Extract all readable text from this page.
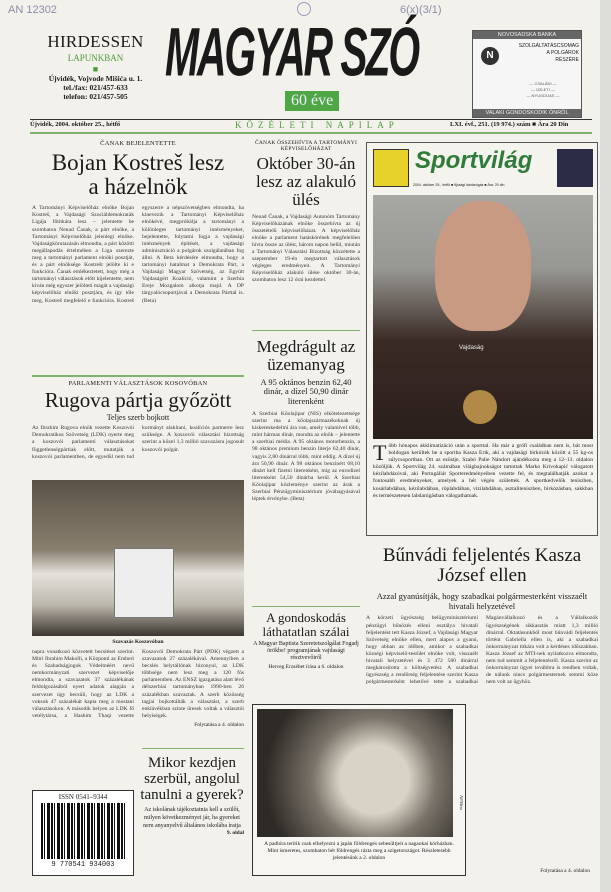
AN 12302	6(x)(3/1)
HIRDESSEN
LAPUNKBAN
■
Újvidék, Vojvode Mišića u. 1.
tel./fax: 021/457-633
telefon: 021/457-505
MAGYAR SZÓ
60 éve
NOVOSADSKA BANKA
N
SZOLGÁLTATÁSCSOMAG
A POLGÁROK
RÉSZÉRE
— CSALÁDI —
— ÜZLETI —
— NYUGDÍJAS —
VALAKI GONDOSKODIK ÖNRŐL
Újvidék, 2004. október 25., hétfő	KÖZÉLETI NAPILAP	LXI. évf., 251. (19 974.) szám ■ Ára 20 Din
ČANAK BEJELENTETTE
Bojan Kostreš lesz a házelnök
A Tartományi Képviselőház elnöke Bojan Kostreš, a Vajdasági Szociáldemokraták Ligája főtitkára lesz – jelentette be szombaton Nenad Čanak, a párt elnöke, a Tartományi Képviselőház jelenlegi elnöke. Vajdaságkörutazásán elmondta, a párt közötti megállapodás értelmében a Liga szerezte meg a tartományi parlament elnöki posztját, és a párt elnöksége Kostrešt jelölte ki e funkcióra. Čanak emlékeztetett, hogy még a tartományi választások előtt kijelentette, nem kíván még egyszer jelölteti magát a vajdasági képviselőház elnöki posztjára, és így tőle meg, Kostreš megfelelő e funkcióra. Kostreš egyszerre a népszövetségben elmondta, ha kinevezik a Tartományi Képviselőház elnökévé, megpróbálja a tartományi a különleges tartományi intézményeket, bejelentette, folytatni fogja a vajdasági intézmények építését, a vajdasági adminisztráció a polgárok szolgálatában fog állni. A Beta kérdésére elmondta, hogy a tartományi hatalmat a Demokrata Párt, a Vajdasági Magyar Szövetség, az Együtt Vajdaságért Koalíció, valamint a Szerbia Ereje Mozgalom alkotja majd. A DP tárgyalócsoportjával a Demokrata Párttal is. (Beta)
PARLAMENTI VÁLASZTÁSOK KOSOVÓBAN
Rugova pártja győzött
Teljes szerb bojkott
Az Ibrahim Rugova elnök vezette Koszovói Demokratikus Szövetség (LDK) nyerte meg a koszovói parlamenti választásokat függetlenségpártiak előtt, mutatják a koszovói parlamentben, de egyedül nem tud kormányt alakítani, koalíciós partnerre lesz szüksége. A koszovói választási bizottság szerint a közel 1,3 millió szavazásra jogosult koszovói polgár.
Szavazás Koszovóban
napra vonatkozó közvetett becslései szerint. Mitri Ibrahim Makolli, a Központi az Emberi és Szabadságjogok Védelméért nevű nemkormányzati szervezet képviselője elmondta, a szavazatok 37 százalékának feldolgozásából nyert adatok alapján a szervezet úgy becsüli, hogy az LDK a voksok 47 százalékát kapta meg a mostani választásokon. A második helyen az LDK fő vetélytársa, a Hashim Thaqi vezette Koszovói Demokrata Párt (PDK) végzett a szavazatok 27 százalékával. Amennyiben a becslés helytállónak bizonyul, az LDK többsége nem lesz meg a 120 fős parlamentben. Az ENSZ igazgatása alatt lévő délszerbiai tartományban 1990-ben 26 százalékban szavaztak. A szerb közösség tagjai bojkottálták a választást, a szerb enklávékban szinte üresek voltak a választói helyiségek.
Folytatása a 4. oldalon
ISSN 0541–9344
9 770541 934003
Mikor kezdjen szerbül, angolul tanulni a gyerek?
Az iskolának tájékoztatnia kell a szülőt, milyen következményei jár, ha gyereket nem anyanyelvű általános iskolába íratja
9. oldal
ČANAK ÖSSZEHÍVTA A TARTOMÁNYI KÉPVISELŐHÁZAT
Október 30-án lesz az alakuló ülés
Nenad Čanak, a Vajdasági Autonóm Tartomány Képviselőházának elnöke összehívta az új összetételű képviselőházat. A képviselőház elnöke a parlament hatáskörének megfelelően hívta össze az ülést, három napon belül, miután a Tartományi Választási Bizottság közzétette a szeptember 19-én megtartott választások végleges eredményeit. A Tartományi Képviselőház alakuló ülése október 30-án, szombaton lesz 12 órai kezdettel.
Megdrágult az üzemanyag
A 95 oktános benzin 62,40 dinár, a dízel 50,90 dinár literenként
A Szerbiai Kőolajipar (NIS) elkötelezettsége szerint ma a kőolajszármazékoknak új kiskereskedelmi ára van, amely valamivel több, mint hármas dinár, mondta az elnök – jelentette a szerbiai média. A 95 oktános motorbenzin, a 98 oktános premium benzin literje 62,40 dinár, vagyis 2,80 dinárral több, mint eddig. A dízel új ára 50,90 dinár. A 98 oktános benzinért 68,10 dinárt kell fizetni literenként, míg az eurodízel literenként 54,50 dinárba kerül. A Szerbiai Kőolajipar közleménye szerint az árak a Szerbiai Pénzügyminisztérium jóváhagyásával léptek érvénybe. (Beta)
A gondoskodás láthatatlan szálai
A Magyar Baptista Szeretetszolgálat Fogadj örökbe! programjának vajdasági résztvevőiről
Herceg Erzsébet írása a 6. oldalon
A padlóra terítik csak elhelyezni a japán földrengés sebesültjeit a nagaokai kórházban. Mint ismeretes, szombaton hét földrengés rázta meg a szigetországot. Részletesebb jelentésünk a 2. oldalon
AP/Beta
Sportvilág
2004. október 25., hétfő ■ Ifjúsági labdarúgás ■ Ára: 20 din
Vajdaság
Több hónapos akklimatizáció után a sporttal. Ha már a grófi családban nem is, hát most boldogan kerültek be a sportba Kasza Erik, aki a vajdasági birkózók között a 55 kg-os súlycsoportban. Ott az ezüstje, Szabó Palie Nándort ajándékozta meg a 12–13. oldalon közöljük. A Sportvilág 24. számában világbajnokságot tartottak Marko Krivokapić válogatott kézilabdázóval, aki Portugáliát Sporteredményeiben vezette fel, és megtalálhatják azokat a fontosabb eredményeket, amelyek a hét végén születtek. A sportkedvelők teniszben, kosárlabdában, kézilabdában, röplabdában, vízilabdában, asztaliteniszben, birkózásban, sakkban és természetesen labdarúgásban válogathatnak.
Bűnvádi feljelentés Kasza József ellen
Azzal gyanúsítják, hogy szabadkai polgármesterként visszaélt hivatali helyzetével
A körzeti ügyészség belügyminisztériumi pénzügyi bűnözés elleni osztálya hivatali feljelentést tett Kasza József, a Vajdasági Magyar Szövetség elnöke ellen, mert alapos a gyanú, hogy abban az időben, amikor a szabadkai községi képviselő-testület elnöke volt, visszaélt hivatali helyzetével és 3 472 580 dinárral megkárosította a költségvetést. A szabadkai ügyészség a rendőrség feljelentése szerint Kasza polgármesterként lehetővé tette a szabadkai Magánvállalkozó és a Vállalkozók ügyészségének sikkasztás miatt 1,3 millió dinárral. Oktatásunkból most bűnvádi feljelentés történt Gabriella ellen is, aki a szabadkai önkormányzat titkára volt a kérdéses időszakban. Kasza József az MTI-nek nyilatkozva elmondta, nem tud semmit a feljelentésről. Kasza szerint az önkormányzat ügyei továbbra is rendben voltak, de nálunk nincs polgármesternek semmi köze nem volt az ügyhöz.
Folytatása a 4. oldalon
